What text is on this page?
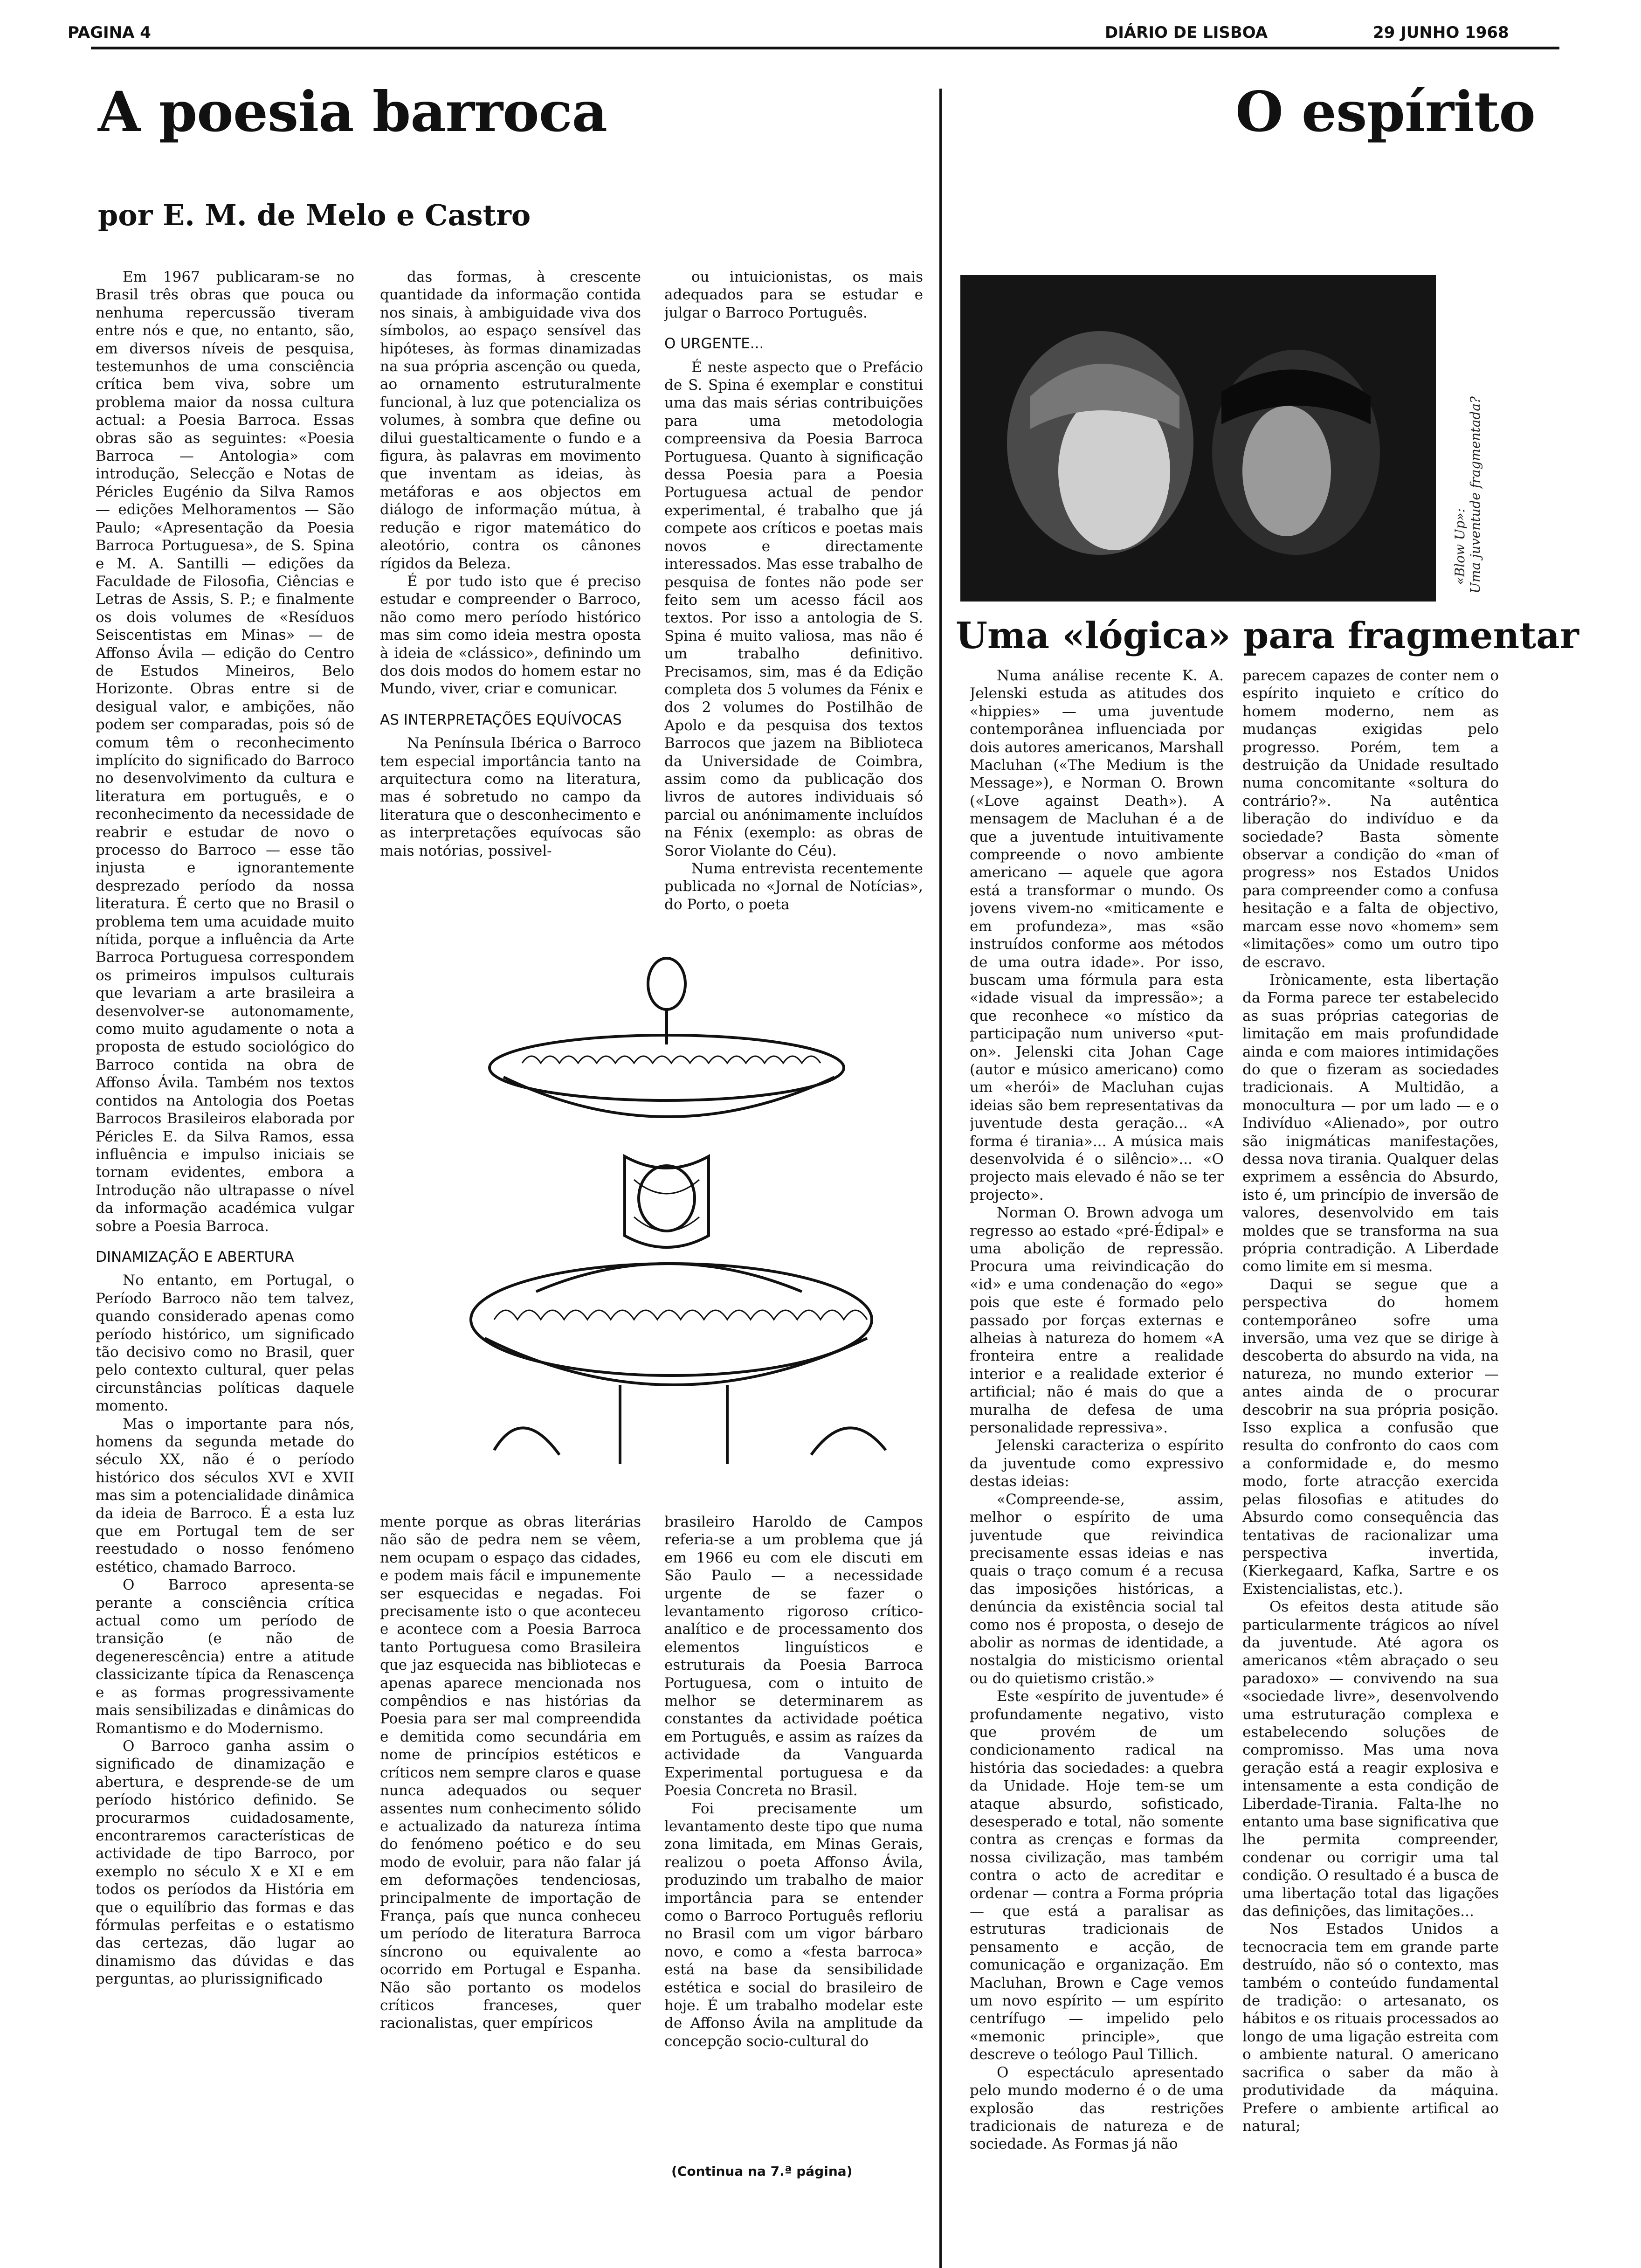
PAGINA 4	DIÁRIO DE LISBOA	29 JUNHO 1968
A poesia barroca
por E. M. de Melo e Castro

Em 1967 publicaram-se no Brasil três obras que pouca ou nenhuma repercussão tiveram entre nós e que, no entanto, são, em diversos níveis de pesquisa, testemunhos de uma consciência crítica bem viva, sobre um problema maior da nossa cultura actual: a Poesia Barroca. Essas obras são as seguintes: «Poesia Barroca — Antologia» com introdução, Selecção e Notas de Péricles Eugénio da Silva Ramos — edições Melhoramentos — São Paulo; «Apresentação da Poesia Barroca Portuguesa», de S. Spina e M. A. Santilli — edições da Faculdade de Filosofia, Ciências e Letras de Assis, S. P.; e finalmente os dois volumes de «Resíduos Seiscentistas em Minas» — de Affonso Ávila — edição do Centro de Estudos Mineiros, Belo Horizonte. Obras entre si de desigual valor, e ambições, não podem ser comparadas, pois só de comum têm o reconhecimento implícito do significado do Barroco no desenvolvimento da cultura e literatura em português, e o reconhecimento da necessidade de reabrir e estudar de novo o processo do Barroco — esse tão injusta e ignorantemente desprezado período da nossa literatura. É certo que no Brasil o problema tem uma acuidade muito nítida, porque a influência da Arte Barroca Portuguesa correspondem os primeiros impulsos culturais que levariam a arte brasileira a desenvolver-se autonomamente, como muito agudamente o nota a proposta de estudo sociológico do Barroco contida na obra de Affonso Ávila. Também nos textos contidos na Antologia dos Poetas Barrocos Brasileiros elaborada por Péricles E. da Silva Ramos, essa influência e impulso iniciais se tornam evidentes, embora a Introdução não ultrapasse o nível da informação académica vulgar sobre a Poesia Barroca.

DINAMIZAÇÃO E ABERTURA

No entanto, em Portugal, o Período Barroco não tem talvez, quando considerado apenas como período histórico, um significado tão decisivo como no Brasil, quer pelo contexto cultural, quer pelas circunstâncias políticas daquele momento.

Mas o importante para nós, homens da segunda metade do século XX, não é o período histórico dos séculos XVI e XVII mas sim a potencialidade dinâmica da ideia de Barroco. É a esta luz que em Portugal tem de ser reestudado o nosso fenómeno estético, chamado Barroco.

O Barroco apresenta-se perante a consciência crítica actual como um período de transição (e não de degenerescência) entre a atitude classicizante típica da Renascença e as formas progressivamente mais sensibilizadas e dinâmicas do Romantismo e do Modernismo.

O Barroco ganha assim o significado de dinamização e abertura, e desprende-se de um período histórico definido. Se procurarmos cuidadosamente, encontraremos características de actividade de tipo Barroco, por exemplo no século X e XI e em todos os períodos da História em que o equilíbrio das formas e das fórmulas perfeitas e o estatismo das certezas, dão lugar ao dinamismo das dúvidas e das perguntas, ao plurissignificado

das formas, à crescente quantidade da informação contida nos sinais, à ambiguidade viva dos símbolos, ao espaço sensível das hipóteses, às formas dinamizadas na sua própria ascenção ou queda, ao ornamento estruturalmente funcional, à luz que potencializa os volumes, à sombra que define ou dilui guestalticamente o fundo e a figura, às palavras em movimento que inventam as ideias, às metáforas e aos objectos em diálogo de informação mútua, à redução e rigor matemático do aleotório, contra os cânones rígidos da Beleza.

É por tudo isto que é preciso estudar e compreender o Barroco, não como mero período histórico mas sim como ideia mestra oposta à ideia de «clássico», definindo um dos dois modos do homem estar no Mundo, viver, criar e comunicar.

AS INTERPRETAÇÕES EQUÍVOCAS

Na Península Ibérica o Barroco tem especial importância tanto na arquitectura como na literatura, mas é sobretudo no campo da literatura que o desconhecimento e as interpretações equívocas são mais notórias, possivel-

ou intuicionistas, os mais adequados para se estudar e julgar o Barroco Português.

O URGENTE...

É neste aspecto que o Prefácio de S. Spina é exemplar e constitui uma das mais sérias contribuições para uma metodologia compreensiva da Poesia Barroca Portuguesa. Quanto à significação dessa Poesia para a Poesia Portuguesa actual de pendor experimental, é trabalho que já compete aos críticos e poetas mais novos e directamente interessados. Mas esse trabalho de pesquisa de fontes não pode ser feito sem um acesso fácil aos textos. Por isso a antologia de S. Spina é muito valiosa, mas não é um trabalho definitivo. Precisamos, sim, mas é da Edição completa dos 5 volumes da Fénix e dos 2 volumes do Postilhão de Apolo e da pesquisa dos textos Barrocos que jazem na Biblioteca da Universidade de Coimbra, assim como da publicação dos livros de autores individuais só parcial ou anónimamente incluídos na Fénix (exemplo: as obras de Soror Violante do Céu).

Numa entrevista recentemente publicada no «Jornal de Notícias», do Porto, o poeta

mente porque as obras literárias não são de pedra nem se vêem, nem ocupam o espaço das cidades, e podem mais fácil e impunemente ser esquecidas e negadas. Foi precisamente isto o que aconteceu e acontece com a Poesia Barroca tanto Portuguesa como Brasileira que jaz esquecida nas bibliotecas e apenas aparece mencionada nos compêndios e nas histórias da Poesia para ser mal compreendida e demitida como secundária em nome de princípios estéticos e críticos nem sempre claros e quase nunca adequados ou sequer assentes num conhecimento sólido e actualizado da natureza íntima do fenómeno poético e do seu modo de evoluir, para não falar já em deformações tendenciosas, principalmente de importação de França, país que nunca conheceu um período de literatura Barroca síncrono ou equivalente ao ocorrido em Portugal e Espanha. Não são portanto os modelos críticos franceses, quer racionalistas, quer empíricos

brasileiro Haroldo de Campos referia-se a um problema que já em 1966 eu com ele discuti em São Paulo — a necessidade urgente de se fazer o levantamento rigoroso crítico-analítico e de processamento dos elementos linguísticos e estruturais da Poesia Barroca Portuguesa, com o intuito de melhor se determinarem as constantes da actividade poética em Português, e assim as raízes da actividade da Vanguarda Experimental portuguesa e da Poesia Concreta no Brasil.

Foi precisamente um levantamento deste tipo que numa zona limitada, em Minas Gerais, realizou o poeta Affonso Ávila, produzindo um trabalho de maior importância para se entender como o Barroco Português refloriu no Brasil com um vigor bárbaro novo, e como a «festa barroca» está na base da sensibilidade estética e social do brasileiro de hoje. É um trabalho modelar este de Affonso Ávila na amplitude da concepção socio-cultural do

(Continua na 7.ª página)
O espírito
«Blow Up»: Uma juventude fragmentada?
Uma «lógica» para fragmentar

Numa análise recente K. A. Jelenski estuda as atitudes dos «hippies» — uma juventude contemporânea influenciada por dois autores americanos, Marshall Macluhan («The Medium is the Message»), e Norman O. Brown («Love against Death»). A mensagem de Macluhan é a de que a juventude intuitivamente compreende o novo ambiente americano — aquele que agora está a transformar o mundo. Os jovens vivem-no «miticamente e em profundeza», mas «são instruídos conforme aos métodos de uma outra idade». Por isso, buscam uma fórmula para esta «idade visual da impressão»; a que reconhece «o místico da participação num universo «put-on». Jelenski cita Johan Cage (autor e músico americano) como um «herói» de Macluhan cujas ideias são bem representativas da juventude desta geração... «A forma é tirania»... A música mais desenvolvida é o silêncio»... «O projecto mais elevado é não se ter projecto».

Norman O. Brown advoga um regresso ao estado «pré-Édipal» e uma abolição de repressão. Procura uma reivindicação do «id» e uma condenação do «ego» pois que este é formado pelo passado por forças externas e alheias à natureza do homem «A fronteira entre a realidade interior e a realidade exterior é artificial; não é mais do que a muralha de defesa de uma personalidade repressiva».

Jelenski caracteriza o espírito da juventude como expressivo destas ideias:

«Compreende-se, assim, melhor o espírito de uma juventude que reivindica precisamente essas ideias e nas quais o traço comum é a recusa das imposições históricas, a denúncia da existência social tal como nos é proposta, o desejo de abolir as normas de identidade, a nostalgia do misticismo oriental ou do quietismo cristão.»

Este «espírito de juventude» é profundamente negativo, visto que provém de um condicionamento radical na história das sociedades: a quebra da Unidade. Hoje tem-se um ataque absurdo, sofisticado, desesperado e total, não somente contra as crenças e formas da nossa civilização, mas também contra o acto de acreditar e ordenar — contra a Forma própria — que está a paralisar as estruturas tradicionais de pensamento e acção, de comunicação e organização. Em Macluhan, Brown e Cage vemos um novo espírito — um espírito centrífugo — impelido pelo «memonic principle», que descreve o teólogo Paul Tillich.

O espectáculo apresentado pelo mundo moderno é o de uma explosão das restrições tradicionais de natureza e de sociedade. As Formas já não

parecem capazes de conter nem o espírito inquieto e crítico do homem moderno, nem as mudanças exigidas pelo progresso. Porém, tem a destruição da Unidade resultado numa concomitante «soltura do contrário?». Na autêntica liberação do indivíduo e da sociedade? Basta sòmente observar a condição do «man of progress» nos Estados Unidos para compreender como a confusa hesitação e a falta de objectivo, marcam esse novo «homem» sem «limitações» como um outro tipo de escravo.

Irònicamente, esta libertação da Forma parece ter estabelecido as suas próprias categorias de limitação em mais profundidade ainda e com maiores intimidações do que o fizeram as sociedades tradicionais. A Multidão, a monocultura — por um lado — e o Indivíduo «Alienado», por outro são inigmáticas manifestações, dessa nova tirania. Qualquer delas exprimem a essência do Absurdo, isto é, um princípio de inversão de valores, desenvolvido em tais moldes que se transforma na sua própria contradição. A Liberdade como limite em si mesma.

Daqui se segue que a perspectiva do homem contemporâneo sofre uma inversão, uma vez que se dirige à descoberta do absurdo na vida, na natureza, no mundo exterior — antes ainda de o procurar descobrir na sua própria posição. Isso explica a confusão que resulta do confronto do caos com a conformidade e, do mesmo modo, forte atracção exercida pelas filosofias e atitudes do Absurdo como consequência das tentativas de racionalizar uma perspectiva invertida, (Kierkegaard, Kafka, Sartre e os Existencialistas, etc.).

Os efeitos desta atitude são particularmente trágicos ao nível da juventude. Até agora os americanos «têm abraçado o seu paradoxo» — convivendo na sua «sociedade livre», desenvolvendo uma estruturação complexa e estabelecendo soluções de compromisso. Mas uma nova geração está a reagir explosiva e intensamente a esta condição de Liberdade-Tirania. Falta-lhe no entanto uma base significativa que lhe permita compreender, condenar ou corrigir uma tal condição. O resultado é a busca de uma libertação total das ligações das definições, das limitações...

Nos Estados Unidos a tecnocracia tem em grande parte destruído, não só o contexto, mas também o conteúdo fundamental de tradição: o artesanato, os hábitos e os rituais processados ao longo de uma ligação estreita com o ambiente natural. O americano sacrifica o saber da mão à produtividade da máquina. Prefere o ambiente artifical ao natural;
